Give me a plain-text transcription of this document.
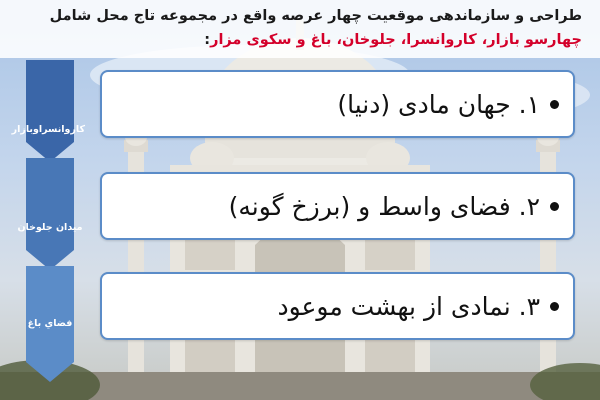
طراحی و سازماندهی موقعیت چهار عرصه واقع در مجموعه تاج محل شامل
چهارسو بازار، کاروانسرا، جلوخان، باغ و سکوی مزار:
کاروانسراوبازار
میدان جلوخان
فضاي باغ
۱. جهان مادی (دنیا)
۲. فضای واسط و (برزخ گونه)
۳. نمادی از بهشت موعود
